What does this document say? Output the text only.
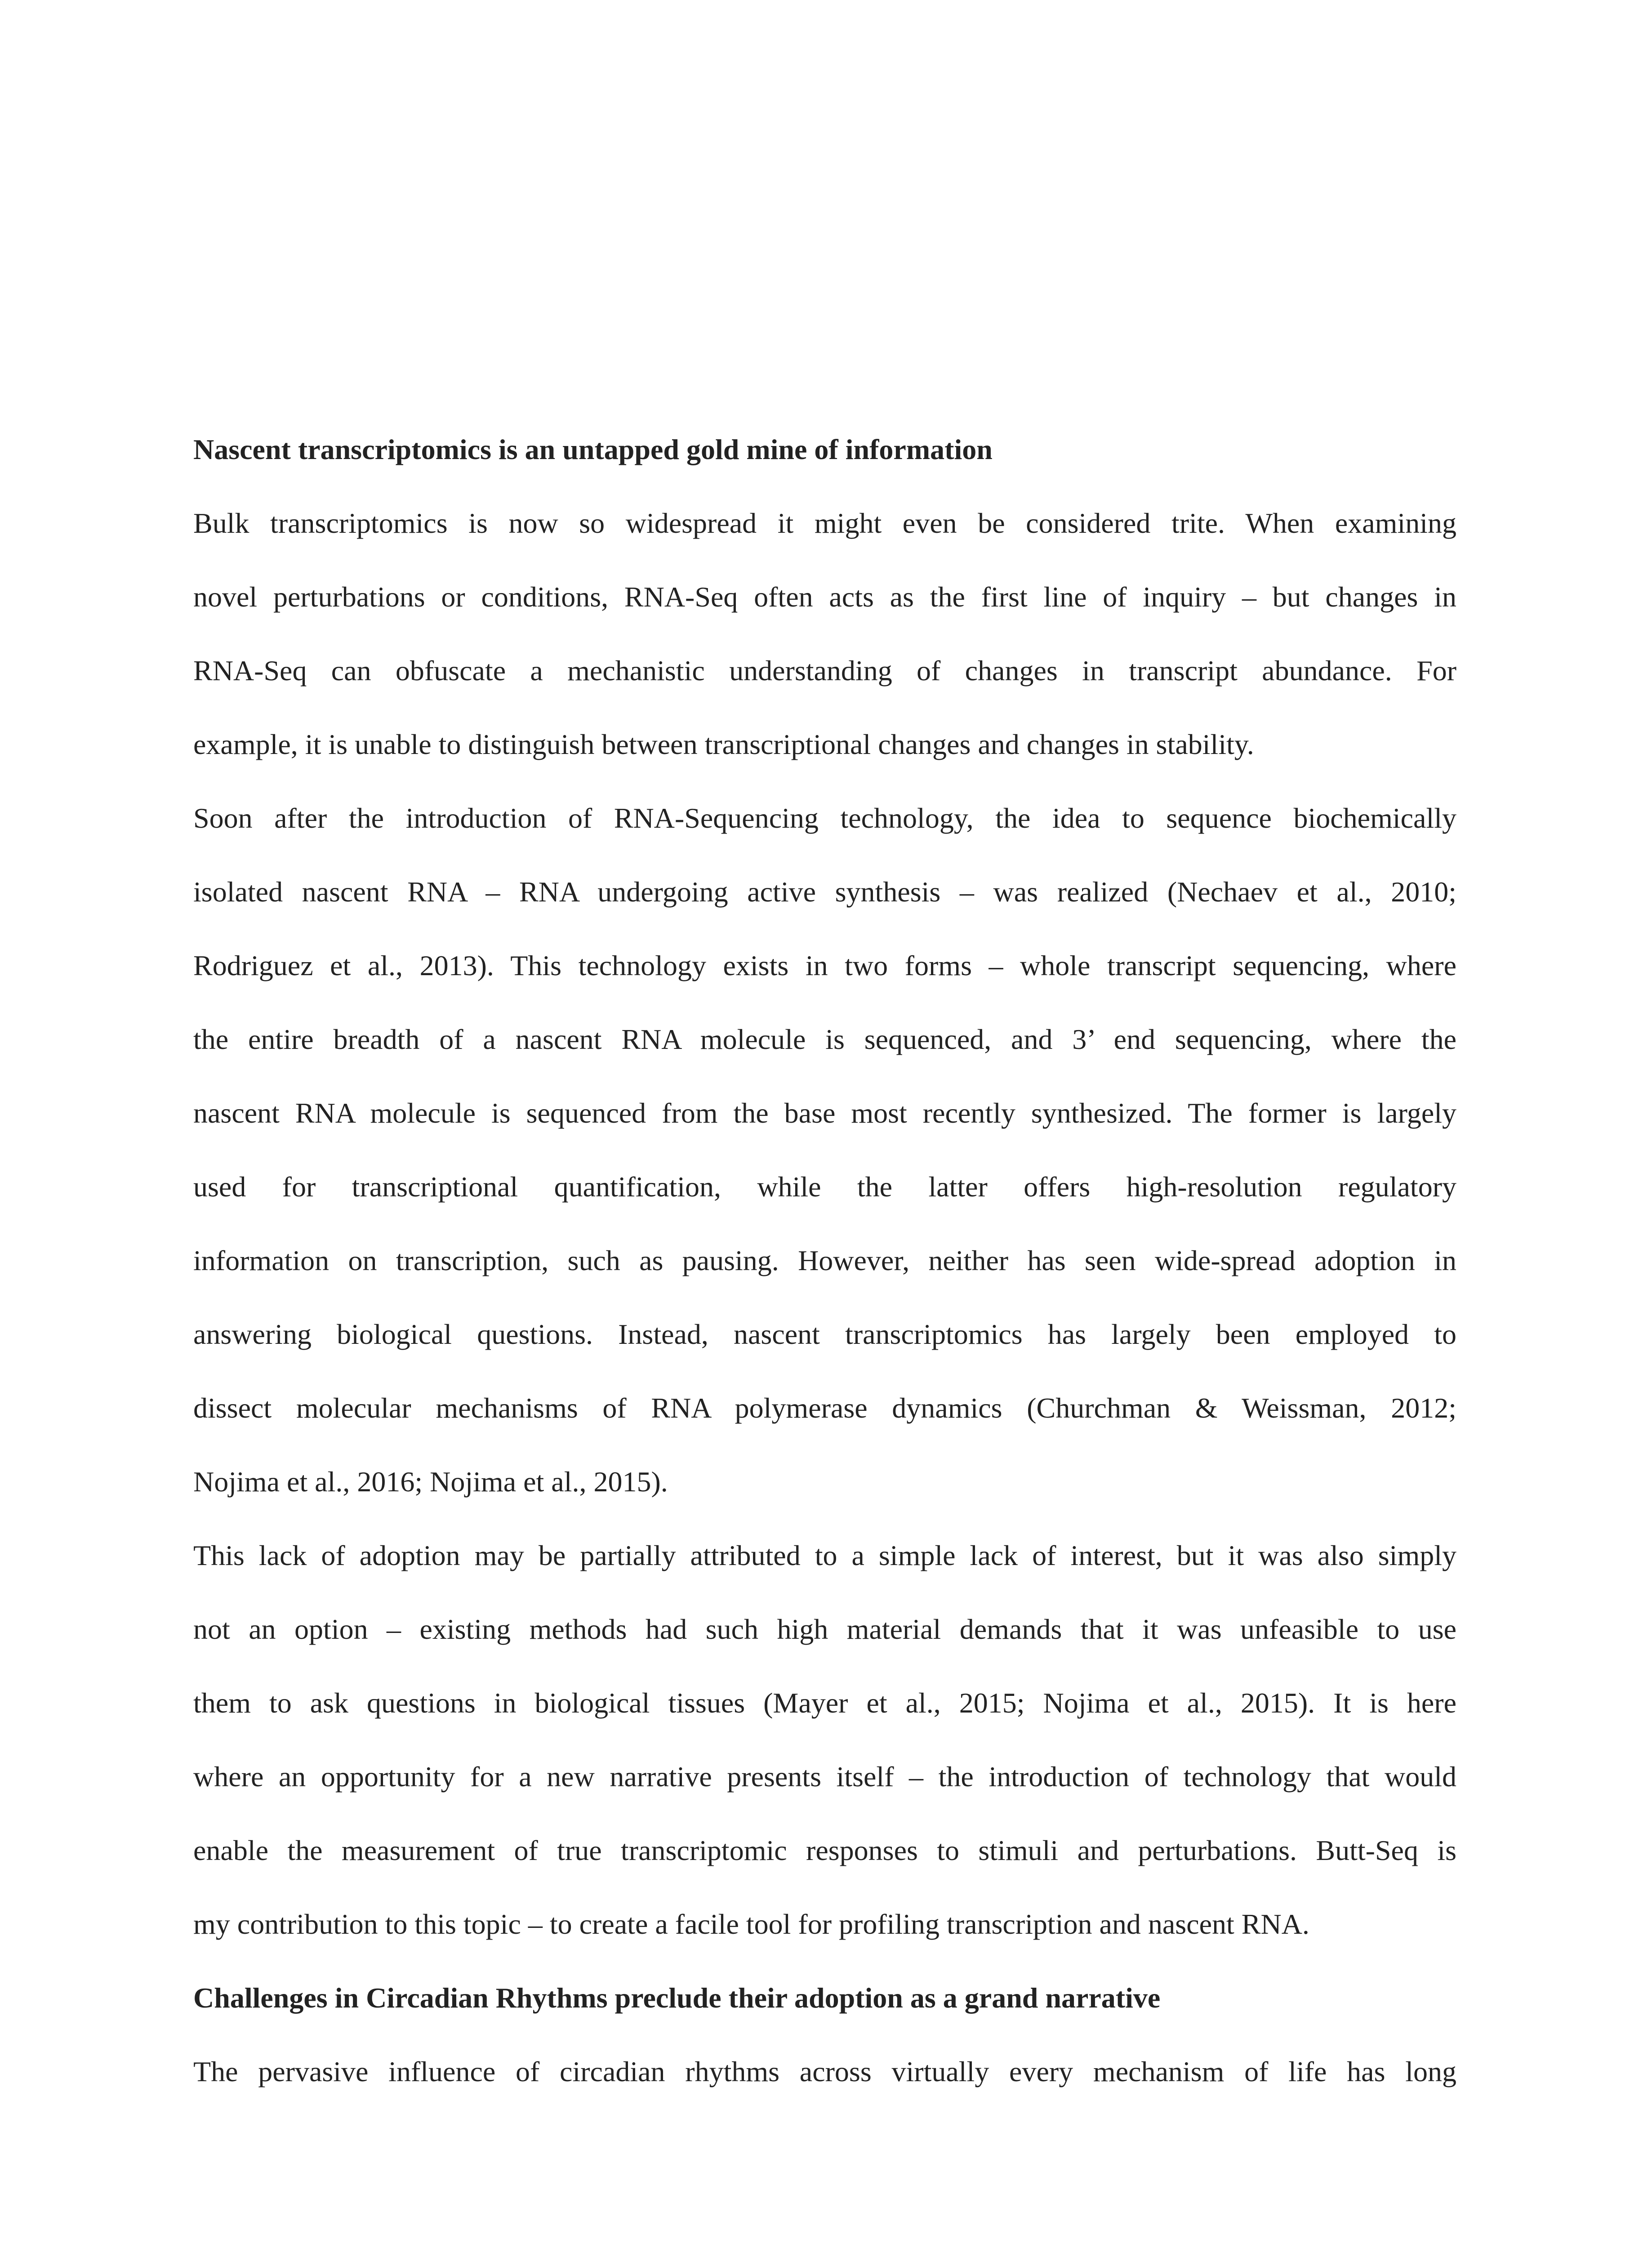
Nascent transcriptomics is an untapped gold mine of information
Bulk transcriptomics is now so widespread it might even be considered trite. When examining
novel perturbations or conditions, RNA-Seq often acts as the first line of inquiry – but changes in
RNA-Seq can obfuscate a mechanistic understanding of changes in transcript abundance. For
example, it is unable to distinguish between transcriptional changes and changes in stability.
Soon after the introduction of RNA-Sequencing technology, the idea to sequence biochemically
isolated nascent RNA – RNA undergoing active synthesis – was realized (Nechaev et al., 2010;
Rodriguez et al., 2013). This technology exists in two forms – whole transcript sequencing, where
the entire breadth of a nascent RNA molecule is sequenced, and 3’ end sequencing, where the
nascent RNA molecule is sequenced from the base most recently synthesized. The former is largely
used for transcriptional quantification, while the latter offers high-resolution regulatory
information on transcription, such as pausing. However, neither has seen wide-spread adoption in
answering biological questions. Instead, nascent transcriptomics has largely been employed to
dissect molecular mechanisms of RNA polymerase dynamics (Churchman & Weissman, 2012;
Nojima et al., 2016; Nojima et al., 2015).
This lack of adoption may be partially attributed to a simple lack of interest, but it was also simply
not an option – existing methods had such high material demands that it was unfeasible to use
them to ask questions in biological tissues (Mayer et al., 2015; Nojima et al., 2015). It is here
where an opportunity for a new narrative presents itself – the introduction of technology that would
enable the measurement of true transcriptomic responses to stimuli and perturbations. Butt-Seq is
my contribution to this topic – to create a facile tool for profiling transcription and nascent RNA.
Challenges in Circadian Rhythms preclude their adoption as a grand narrative
The pervasive influence of circadian rhythms across virtually every mechanism of life has long
